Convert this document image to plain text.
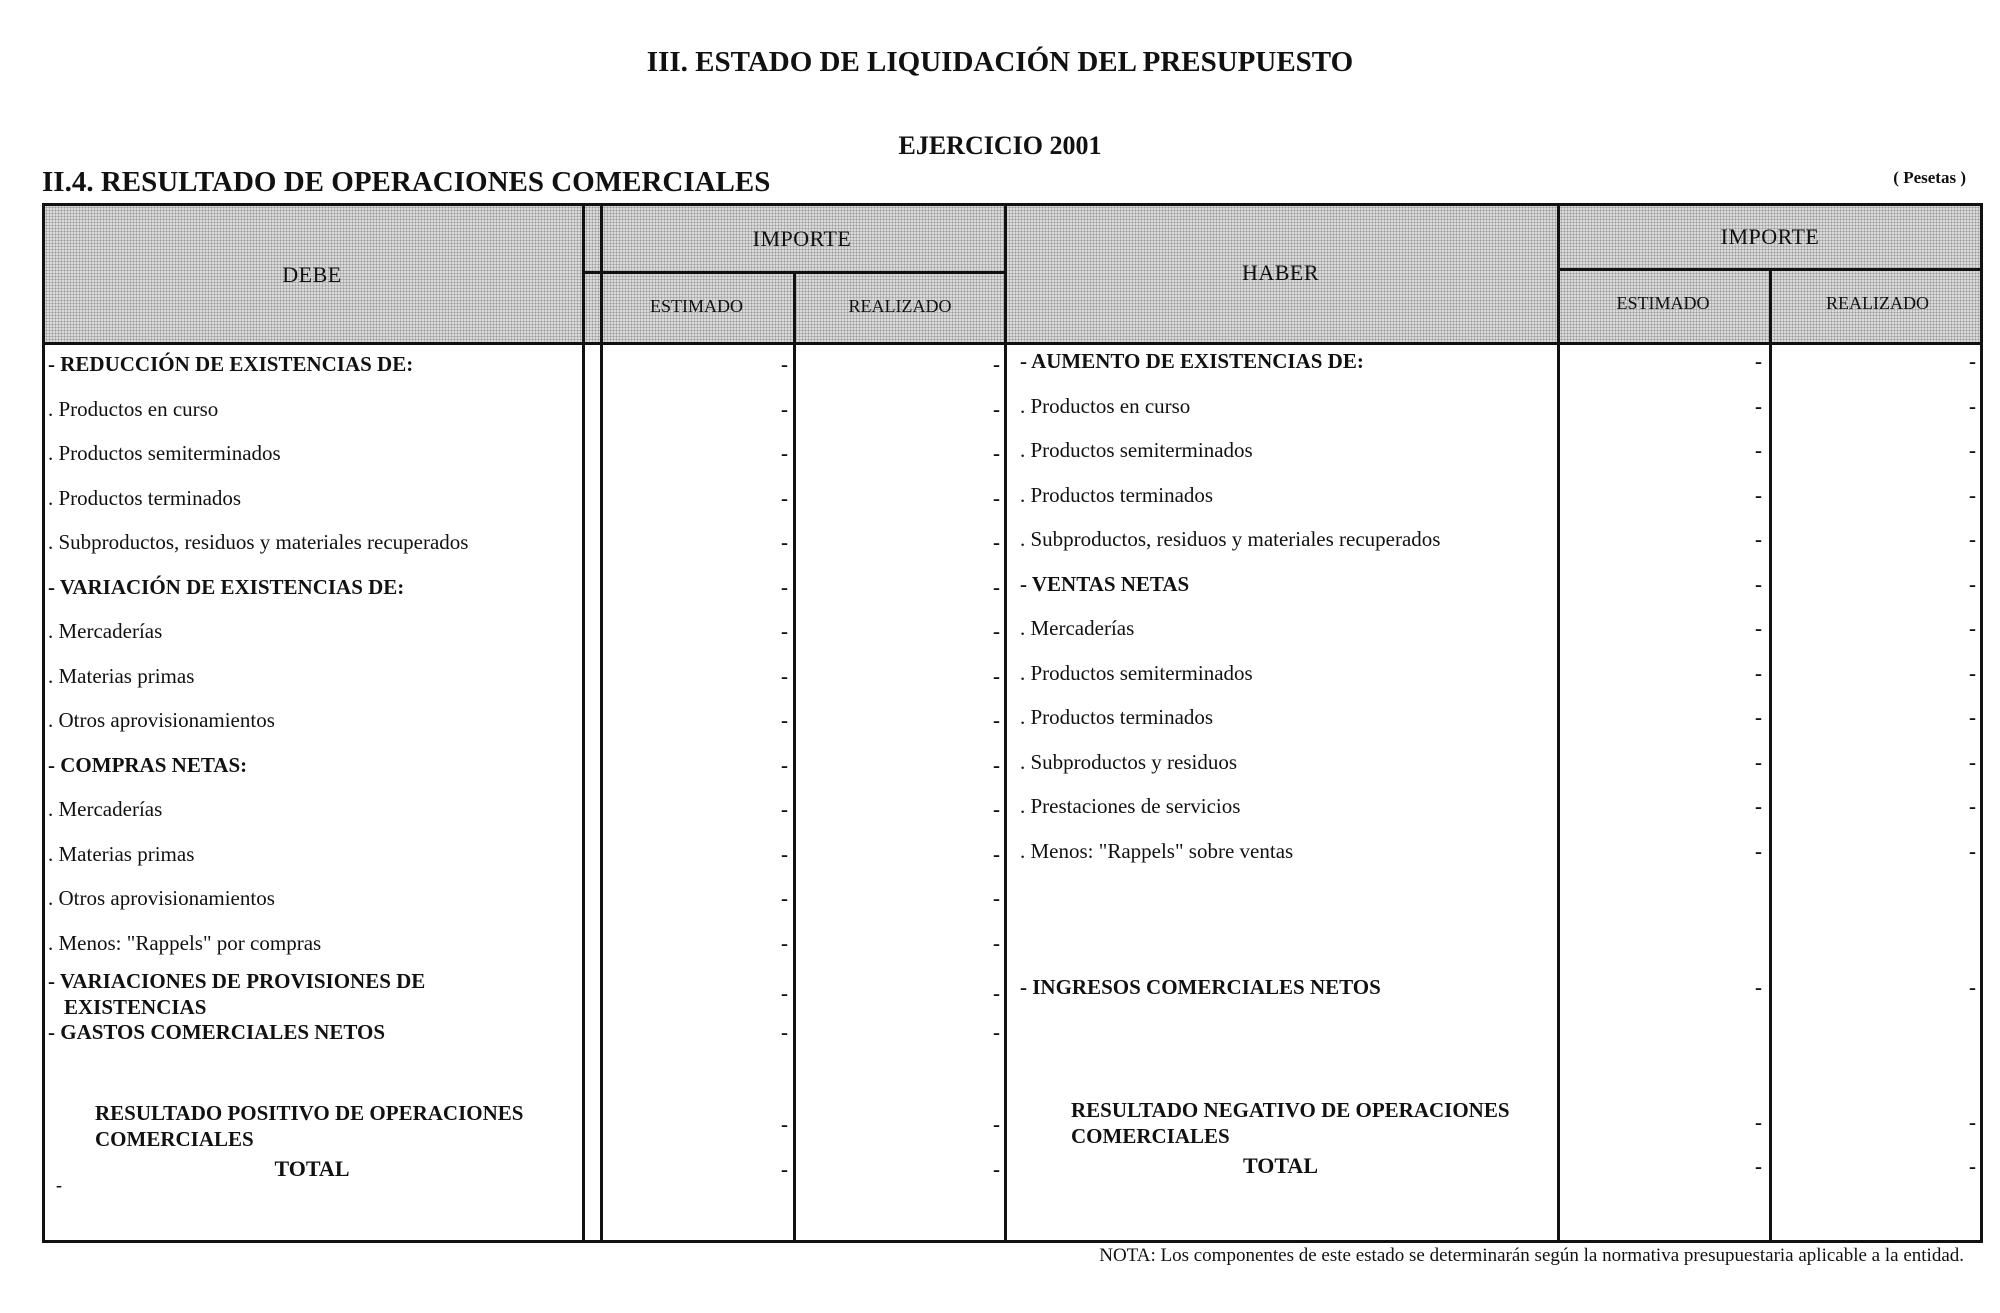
III. ESTADO DE LIQUIDACIÓN DEL PRESUPUESTO
EJERCICIO 2001
II.4. RESULTADO DE OPERACIONES COMERCIALES	( Pesetas )
DEBE
IMPORTE
ESTIMADO	REALIZADO
HABER
IMPORTE
ESTIMADO	REALIZADO
- REDUCCIÓN DE EXISTENCIAS DE:	-	-
. Productos en curso	-	-
. Productos semiterminados	-	-
. Productos terminados	-	-
. Subproductos, residuos y materiales recuperados	-	-
- VARIACIÓN DE EXISTENCIAS DE:	-	-
. Mercaderías	-	-
. Materias primas	-	-
. Otros aprovisionamientos	-	-
- COMPRAS NETAS:	-	-
. Mercaderías	-	-
. Materias primas	-	-
. Otros aprovisionamientos	-	-
. Menos: "Rappels" por compras	-	-
- VARIACIONES DE PROVISIONES DE
EXISTENCIAS
-	-
- GASTOS COMERCIALES NETOS	-	-
- AUMENTO DE EXISTENCIAS DE:	-	-
. Productos en curso	-	-
. Productos semiterminados	-	-
. Productos terminados	-	-
. Subproductos, residuos y materiales recuperados	-	-
- VENTAS NETAS	-	-
. Mercaderías	-	-
. Productos semiterminados	-	-
. Productos terminados	-	-
. Subproductos y residuos	-	-
. Prestaciones de servicios	-	-
. Menos: "Rappels" sobre ventas	-	-
- INGRESOS COMERCIALES NETOS	-	-
RESULTADO POSITIVO DE OPERACIONES
COMERCIALES
-	-
RESULTADO NEGATIVO DE OPERACIONES
COMERCIALES
-	-
TOTAL	-	-	TOTAL	-	-
-
NOTA: Los componentes de este estado se determinarán según la normativa presupuestaria aplicable a la entidad.
